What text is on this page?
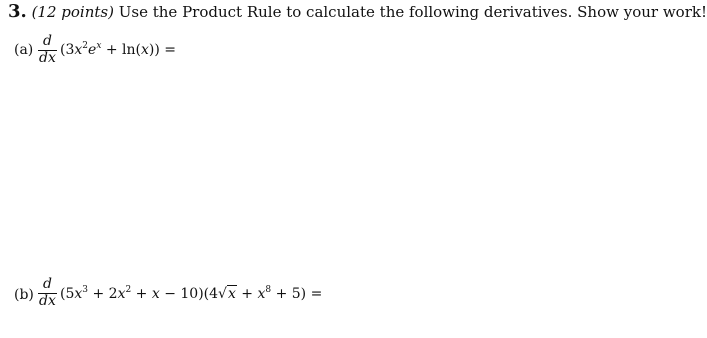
3. (12 points) Use the Product Rule to calculate the following derivatives. Show your work!
(a)
d
dx $(3x^2e^x + \ln(x))$ =
(b)
d
dx $(5x^3 + 2x^2 + x - 10)(4√x + x^8 + 5)$ =
